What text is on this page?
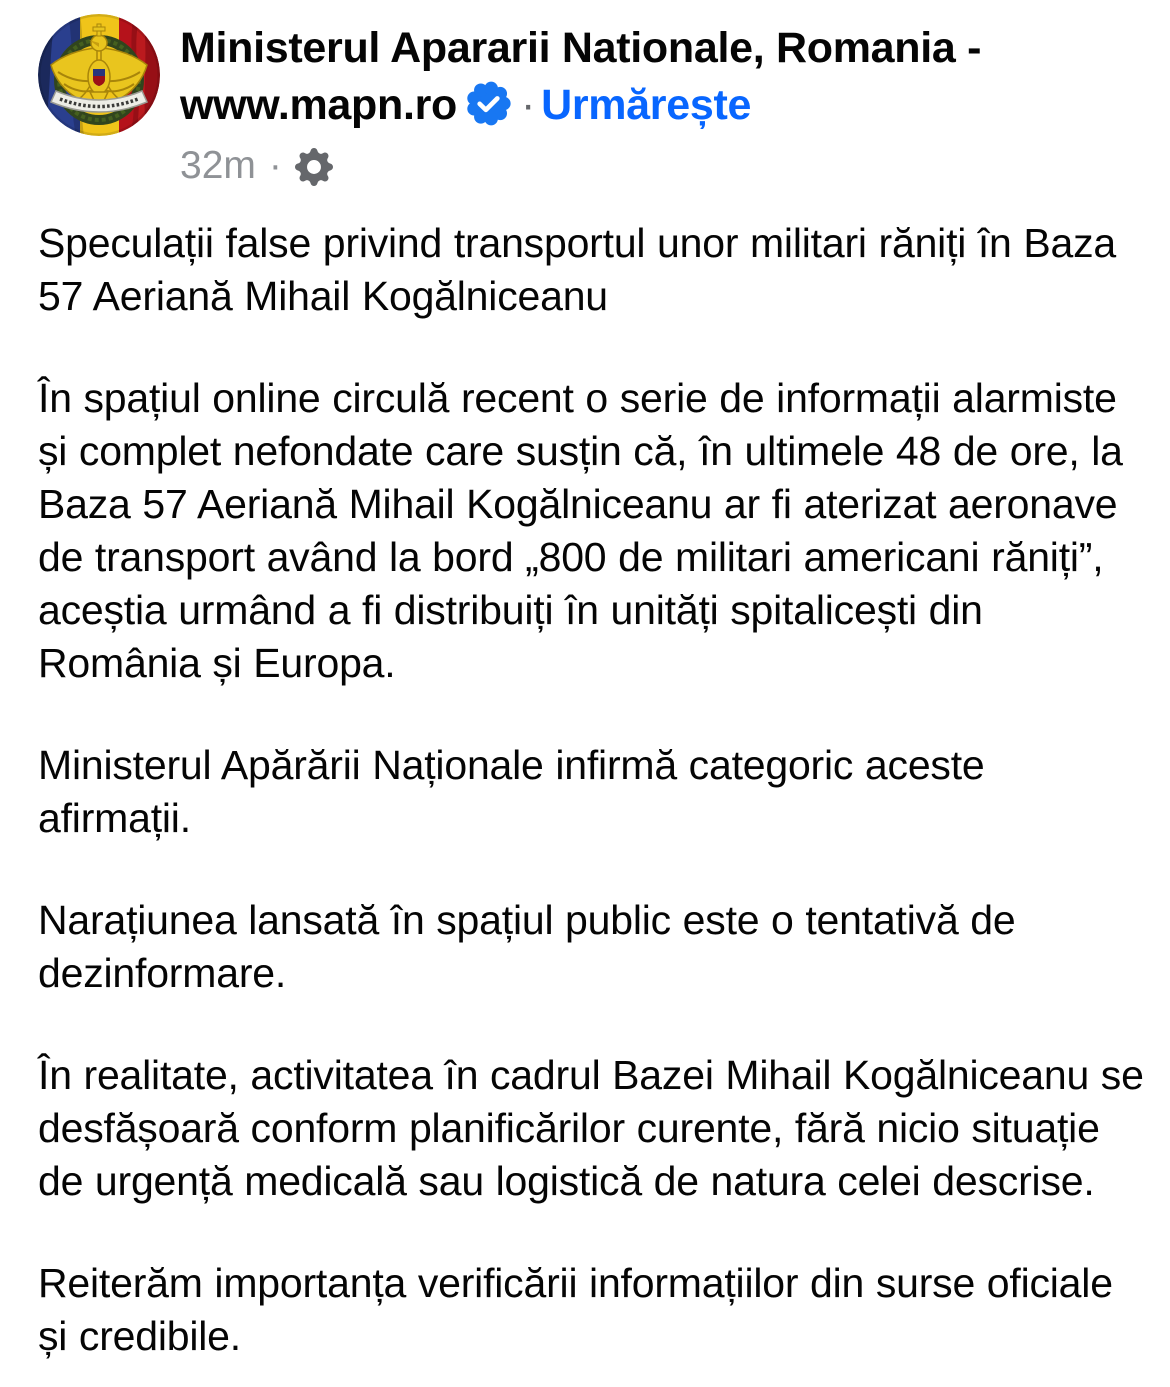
Ministerul Apararii Nationale, Romania - www.mapn.ro · Urmărește
32m ·

Speculații false privind transportul unor militari răniți în Baza 57 Aeriană Mihail Kogălniceanu

În spațiul online circulă recent o serie de informații alarmiste și complet nefondate care susțin că, în ultimele 48 de ore, la Baza 57 Aeriană Mihail Kogălniceanu ar fi aterizat aeronave de transport având la bord „800 de militari americani răniți”, aceștia urmând a fi distribuiți în unități spitalicești din România și Europa.

Ministerul Apărării Naționale infirmă categoric aceste afirmații.

Narațiunea lansată în spațiul public este o tentativă de dezinformare.

În realitate, activitatea în cadrul Bazei Mihail Kogălniceanu se desfășoară conform planificărilor curente, fără nicio situație de urgență medicală sau logistică de natura celei descrise.

Reiterăm importanța verificării informațiilor din surse oficiale și credibile.
